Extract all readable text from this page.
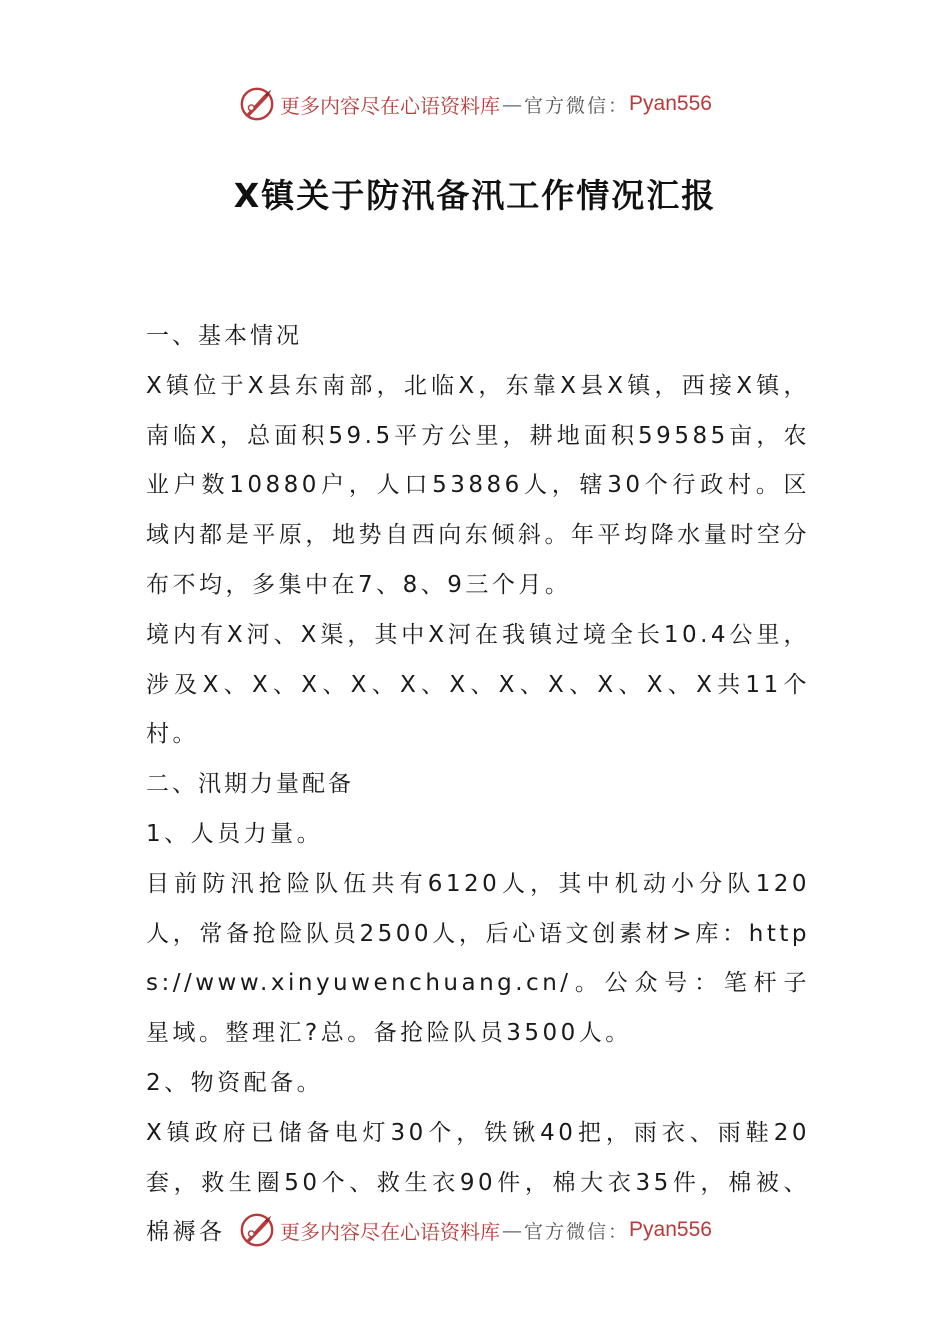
更多内容尽在心语资料库 — 官方微信： Pyan556
X镇关于防汛备汛工作情况汇报

一、基本情况

X镇位于X县东南部，北临X，东靠X县X镇，西接X镇，南临X，总面积59.5平方公里，耕地面积59585亩，农业户数10880户，人口53886人，辖30个行政村。区域内都是平原，地势自西向东倾斜。年平均降水量时空分布不均，多集中在7、8、9三个月。

境内有X河、X渠，其中X河在我镇过境全长10.4公里，涉及X、X、X、X、X、X、X、X、X、X、X共11个村。

二、汛期力量配备

1、人员力量。

目前防汛抢险队伍共有6120人，其中机动小分队120人，常备抢险队员2500人，后心语文创素材>库：https://www.xinyuwenchuang.cn/。公众号：笔杆子星域。整理汇?总。备抢险队员3500人。

2、物资配备。

X镇政府已储备电灯30个，铁锹40把，雨衣、雨鞋20套，救生圈50个、救生衣90件，棉大衣35件，棉被、棉褥各	更多内容尽在心语资料库 — 官方微信： Pyan556
